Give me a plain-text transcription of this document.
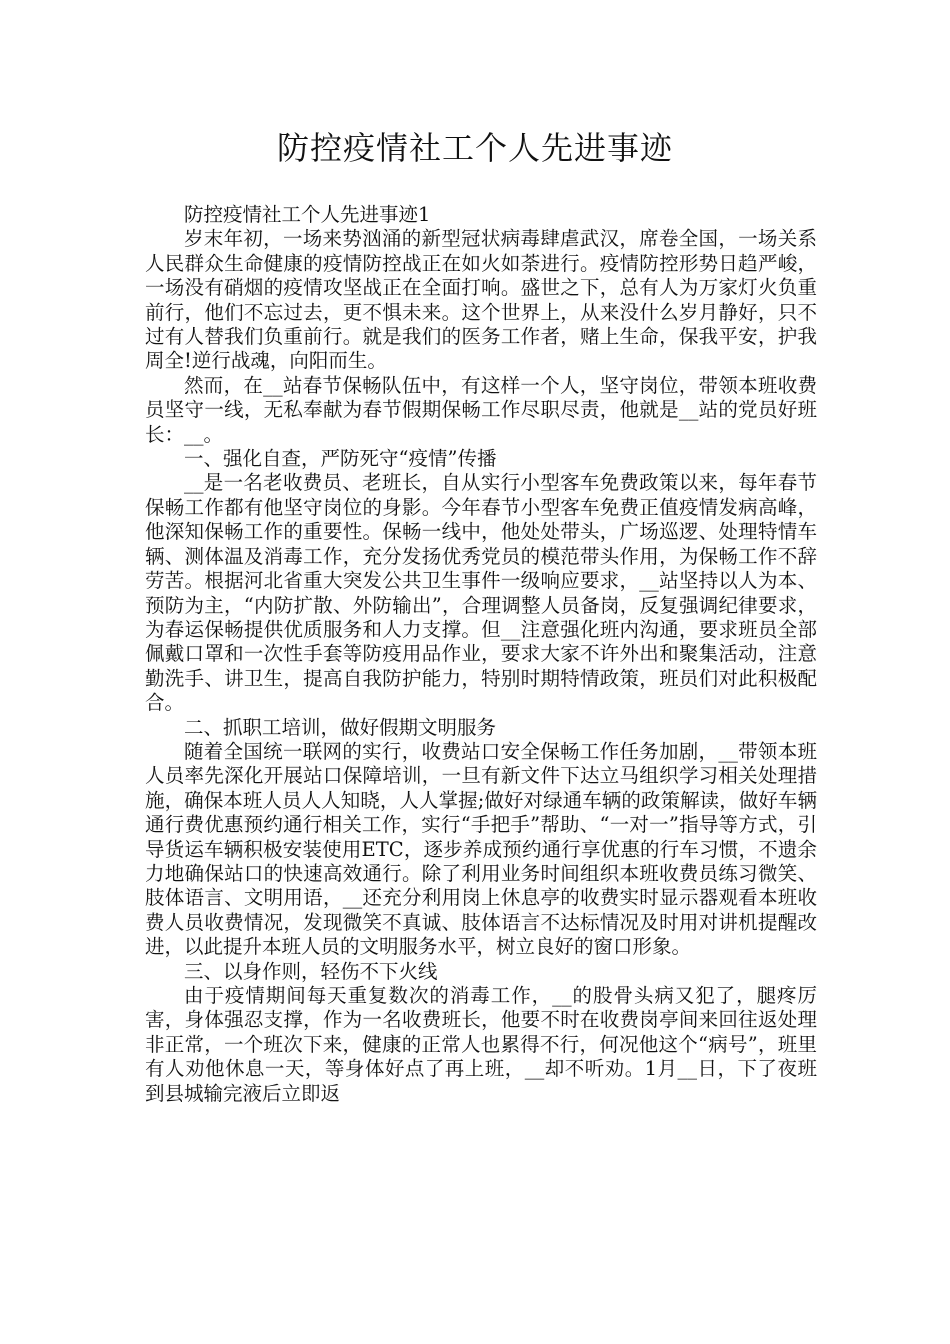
防控疫情社工个人先进事迹

防控疫情社工个人先进事迹1

岁末年初，一场来势汹涌的新型冠状病毒肆虐武汉，席卷全国，一场关系人民群众生命健康的疫情防控战正在如火如荼进行。疫情防控形势日趋严峻，一场没有硝烟的疫情攻坚战正在全面打响。盛世之下，总有人为万家灯火负重前行，他们不忘过去，更不惧未来。这个世界上，从来没什么岁月静好，只不过有人替我们负重前行。就是我们的医务工作者，赌上生命，保我平安，护我周全!逆行战魂，向阳而生。

然而，在__站春节保畅队伍中，有这样一个人，坚守岗位，带领本班收费员坚守一线，无私奉献为春节假期保畅工作尽职尽责，他就是__站的党员好班长：__。

一、强化自查，严防死守“疫情”传播

__是一名老收费员、老班长，自从实行小型客车免费政策以来，每年春节保畅工作都有他坚守岗位的身影。今年春节小型客车免费正值疫情发病高峰，他深知保畅工作的重要性。保畅一线中，他处处带头，广场巡逻、处理特情车辆、测体温及消毒工作，充分发扬优秀党员的模范带头作用，为保畅工作不辞劳苦。根据河北省重大突发公共卫生事件一级响应要求，__站坚持以人为本、预防为主，“内防扩散、外防输出”，合理调整人员备岗，反复强调纪律要求，为春运保畅提供优质服务和人力支撑。但__注意强化班内沟通，要求班员全部佩戴口罩和一次性手套等防疫用品作业，要求大家不许外出和聚集活动，注意勤洗手、讲卫生，提高自我防护能力，特别时期特情政策，班员们对此积极配合。

二、抓职工培训，做好假期文明服务

随着全国统一联网的实行，收费站口安全保畅工作任务加剧，__带领本班人员率先深化开展站口保障培训，一旦有新文件下达立马组织学习相关处理措施，确保本班人员人人知晓，人人掌握;做好对绿通车辆的政策解读，做好车辆通行费优惠预约通行相关工作，实行“手把手”帮助、“一对一”指导等方式，引导货运车辆积极安装使用ETC，逐步养成预约通行享优惠的行车习惯，不遗余力地确保站口的快速高效通行。除了利用业务时间组织本班收费员练习微笑、肢体语言、文明用语，__还充分利用岗上休息亭的收费实时显示器观看本班收费人员收费情况，发现微笑不真诚、肢体语言不达标情况及时用对讲机提醒改进，以此提升本班人员的文明服务水平，树立良好的窗口形象。

三、以身作则，轻伤不下火线

由于疫情期间每天重复数次的消毒工作，__的股骨头病又犯了，腿疼厉害，身体强忍支撑，作为一名收费班长，他要不时在收费岗亭间来回往返处理非正常，一个班次下来，健康的正常人也累得不行，何况他这个“病号”，班里有人劝他休息一天，等身体好点了再上班，__却不听劝。1月__日，下了夜班到县城输完液后立即返
